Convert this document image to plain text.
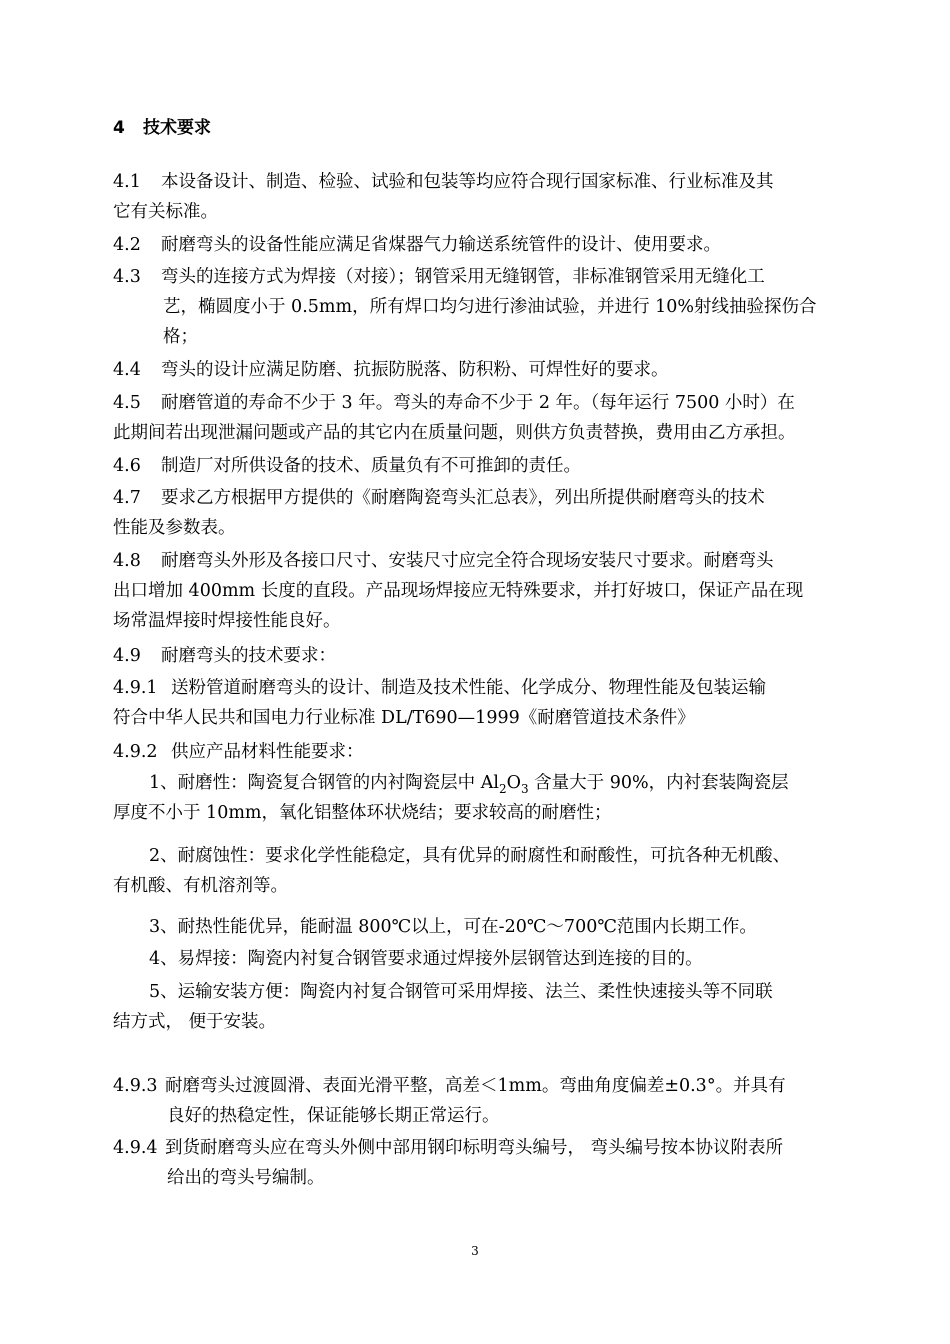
4 技术要求
4.1 本设备设计、制造、检验、试验和包装等均应符合现行国家标准、行业标准及其
它有关标准。
4.2 耐磨弯头的设备性能应满足省煤器气力输送系统管件的设计、使用要求。
4.3 弯头的连接方式为焊接（对接）；钢管采用无缝钢管，非标准钢管采用无缝化工
艺，椭圆度小于 0.5mm，所有焊口均匀进行渗油试验，并进行 10%射线抽验探伤合
格；
4.4 弯头的设计应满足防磨、抗振防脱落、防积粉、可焊性好的要求。
4.5 耐磨管道的寿命不少于 3 年。弯头的寿命不少于 2 年。（每年运行 7500 小时）在
此期间若出现泄漏问题或产品的其它内在质量问题，则供方负责替换，费用由乙方承担。
4.6 制造厂对所供设备的技术、质量负有不可推卸的责任。
4.7 要求乙方根据甲方提供的《耐磨陶瓷弯头汇总表》，列出所提供耐磨弯头的技术
性能及参数表。
4.8 耐磨弯头外形及各接口尺寸、安装尺寸应完全符合现场安装尺寸要求。耐磨弯头
出口增加 400mm 长度的直段。产品现场焊接应无特殊要求，并打好坡口，保证产品在现
场常温焊接时焊接性能良好。
4.9 耐磨弯头的技术要求：
4.9.1 送粉管道耐磨弯头的设计、制造及技术性能、化学成分、物理性能及包装运输
符合中华人民共和国电力行业标准 DL/T690—1999《耐磨管道技术条件》
4.9.2 供应产品材料性能要求：
1、耐磨性：陶瓷复合钢管的内衬陶瓷层中 $Al_2O_3$ 含量大于 90%，内衬套装陶瓷层
厚度不小于 10mm，氧化铝整体环状烧结；要求较高的耐磨性；
2、耐腐蚀性：要求化学性能稳定，具有优异的耐腐性和耐酸性，可抗各种无机酸、
有机酸、有机溶剂等。
3、耐热性能优异，能耐温 800℃以上，可在-20℃～700℃范围内长期工作。
4、易焊接：陶瓷内衬复合钢管要求通过焊接外层钢管达到连接的目的。
5、运输安装方便：陶瓷内衬复合钢管可采用焊接、法兰、柔性快速接头等不同联
结方式， 便于安装。
4.9.3 耐磨弯头过渡圆滑、表面光滑平整，高差＜1mm。弯曲角度偏差±0.3°。并具有
良好的热稳定性，保证能够长期正常运行。
4.9.4 到货耐磨弯头应在弯头外侧中部用钢印标明弯头编号， 弯头编号按本协议附表所
给出的弯头号编制。
3
